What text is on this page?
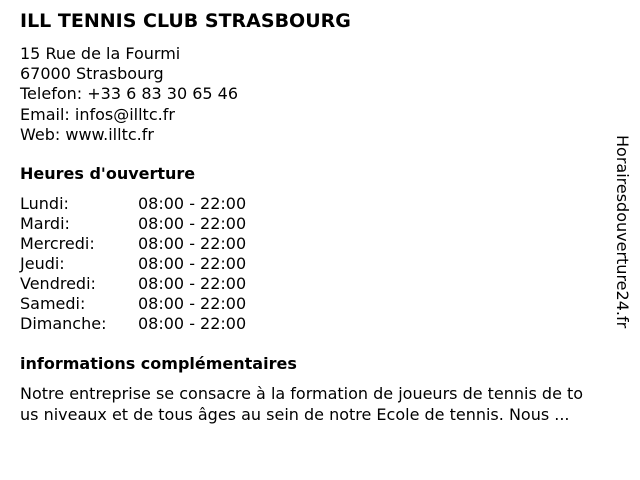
ILL TENNIS CLUB STRASBOURG
15 Rue de la Fourmi
67000 Strasbourg
Telefon: +33 6 83 30 65 46
Email: infos@illtc.fr
Web: www.illtc.fr
Heures d'ouverture
Lundi:	08:00 - 22:00
Mardi:	08:00 - 22:00
Mercredi:	08:00 - 22:00
Jeudi:	08:00 - 22:00
Vendredi:	08:00 - 22:00
Samedi:	08:00 - 22:00
Dimanche: 08:00 - 22:00
informations complémentaires
Notre entreprise se consacre à la formation de joueurs de tennis de to
us niveaux et de tous âges au sein de notre Ecole de tennis. Nous ...
Horairesdouverture24.fr
